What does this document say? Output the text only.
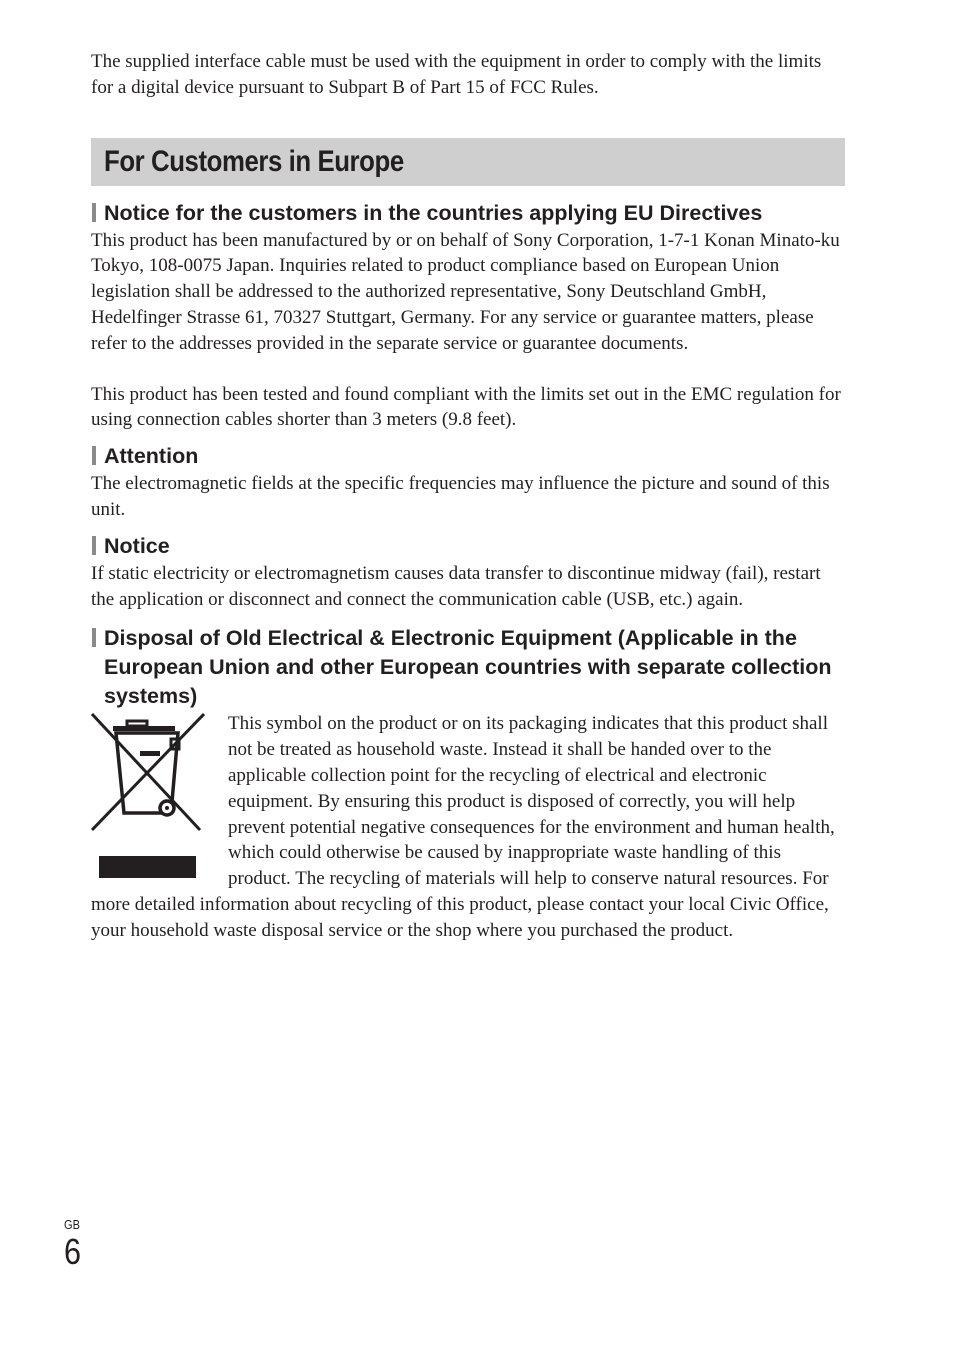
The supplied interface cable must be used with the equipment in order to comply with the limits for a digital device pursuant to Subpart B of Part 15 of FCC Rules.

For Customers in Europe
Notice for the customers in the countries applying EU Directives

This product has been manufactured by or on behalf of Sony Corporation, 1-7-1 Konan Minato-ku Tokyo, 108-0075 Japan. Inquiries related to product compliance based on European Union legislation shall be addressed to the authorized representative, Sony Deutschland GmbH, Hedelfinger Strasse 61, 70327 Stuttgart, Germany. For any service or guarantee matters, please refer to the addresses provided in the separate service or guarantee documents.

This product has been tested and found compliant with the limits set out in the EMC regulation for using connection cables shorter than 3 meters (9.8 feet).

Attention

The electromagnetic fields at the specific frequencies may influence the picture and sound of this unit.

Notice

If static electricity or electromagnetism causes data transfer to discontinue midway (fail), restart the application or disconnect and connect the communication cable (USB, etc.) again.

Disposal of Old Electrical & Electronic Equipment (Applicable in the European Union and other European countries with separate collection systems)

This symbol on the product or on its packaging indicates that this product shall not be treated as household waste. Instead it shall be handed over to the applicable collection point for the recycling of electrical and electronic equipment. By ensuring this product is disposed of correctly, you will help prevent potential negative consequences for the environment and human health, which could otherwise be caused by inappropriate waste handling of this product. The recycling of materials will help to conserve natural resources. For more detailed information about recycling of this product, please contact your local Civic Office, your household waste disposal service or the shop where you purchased the product.

GB
6
